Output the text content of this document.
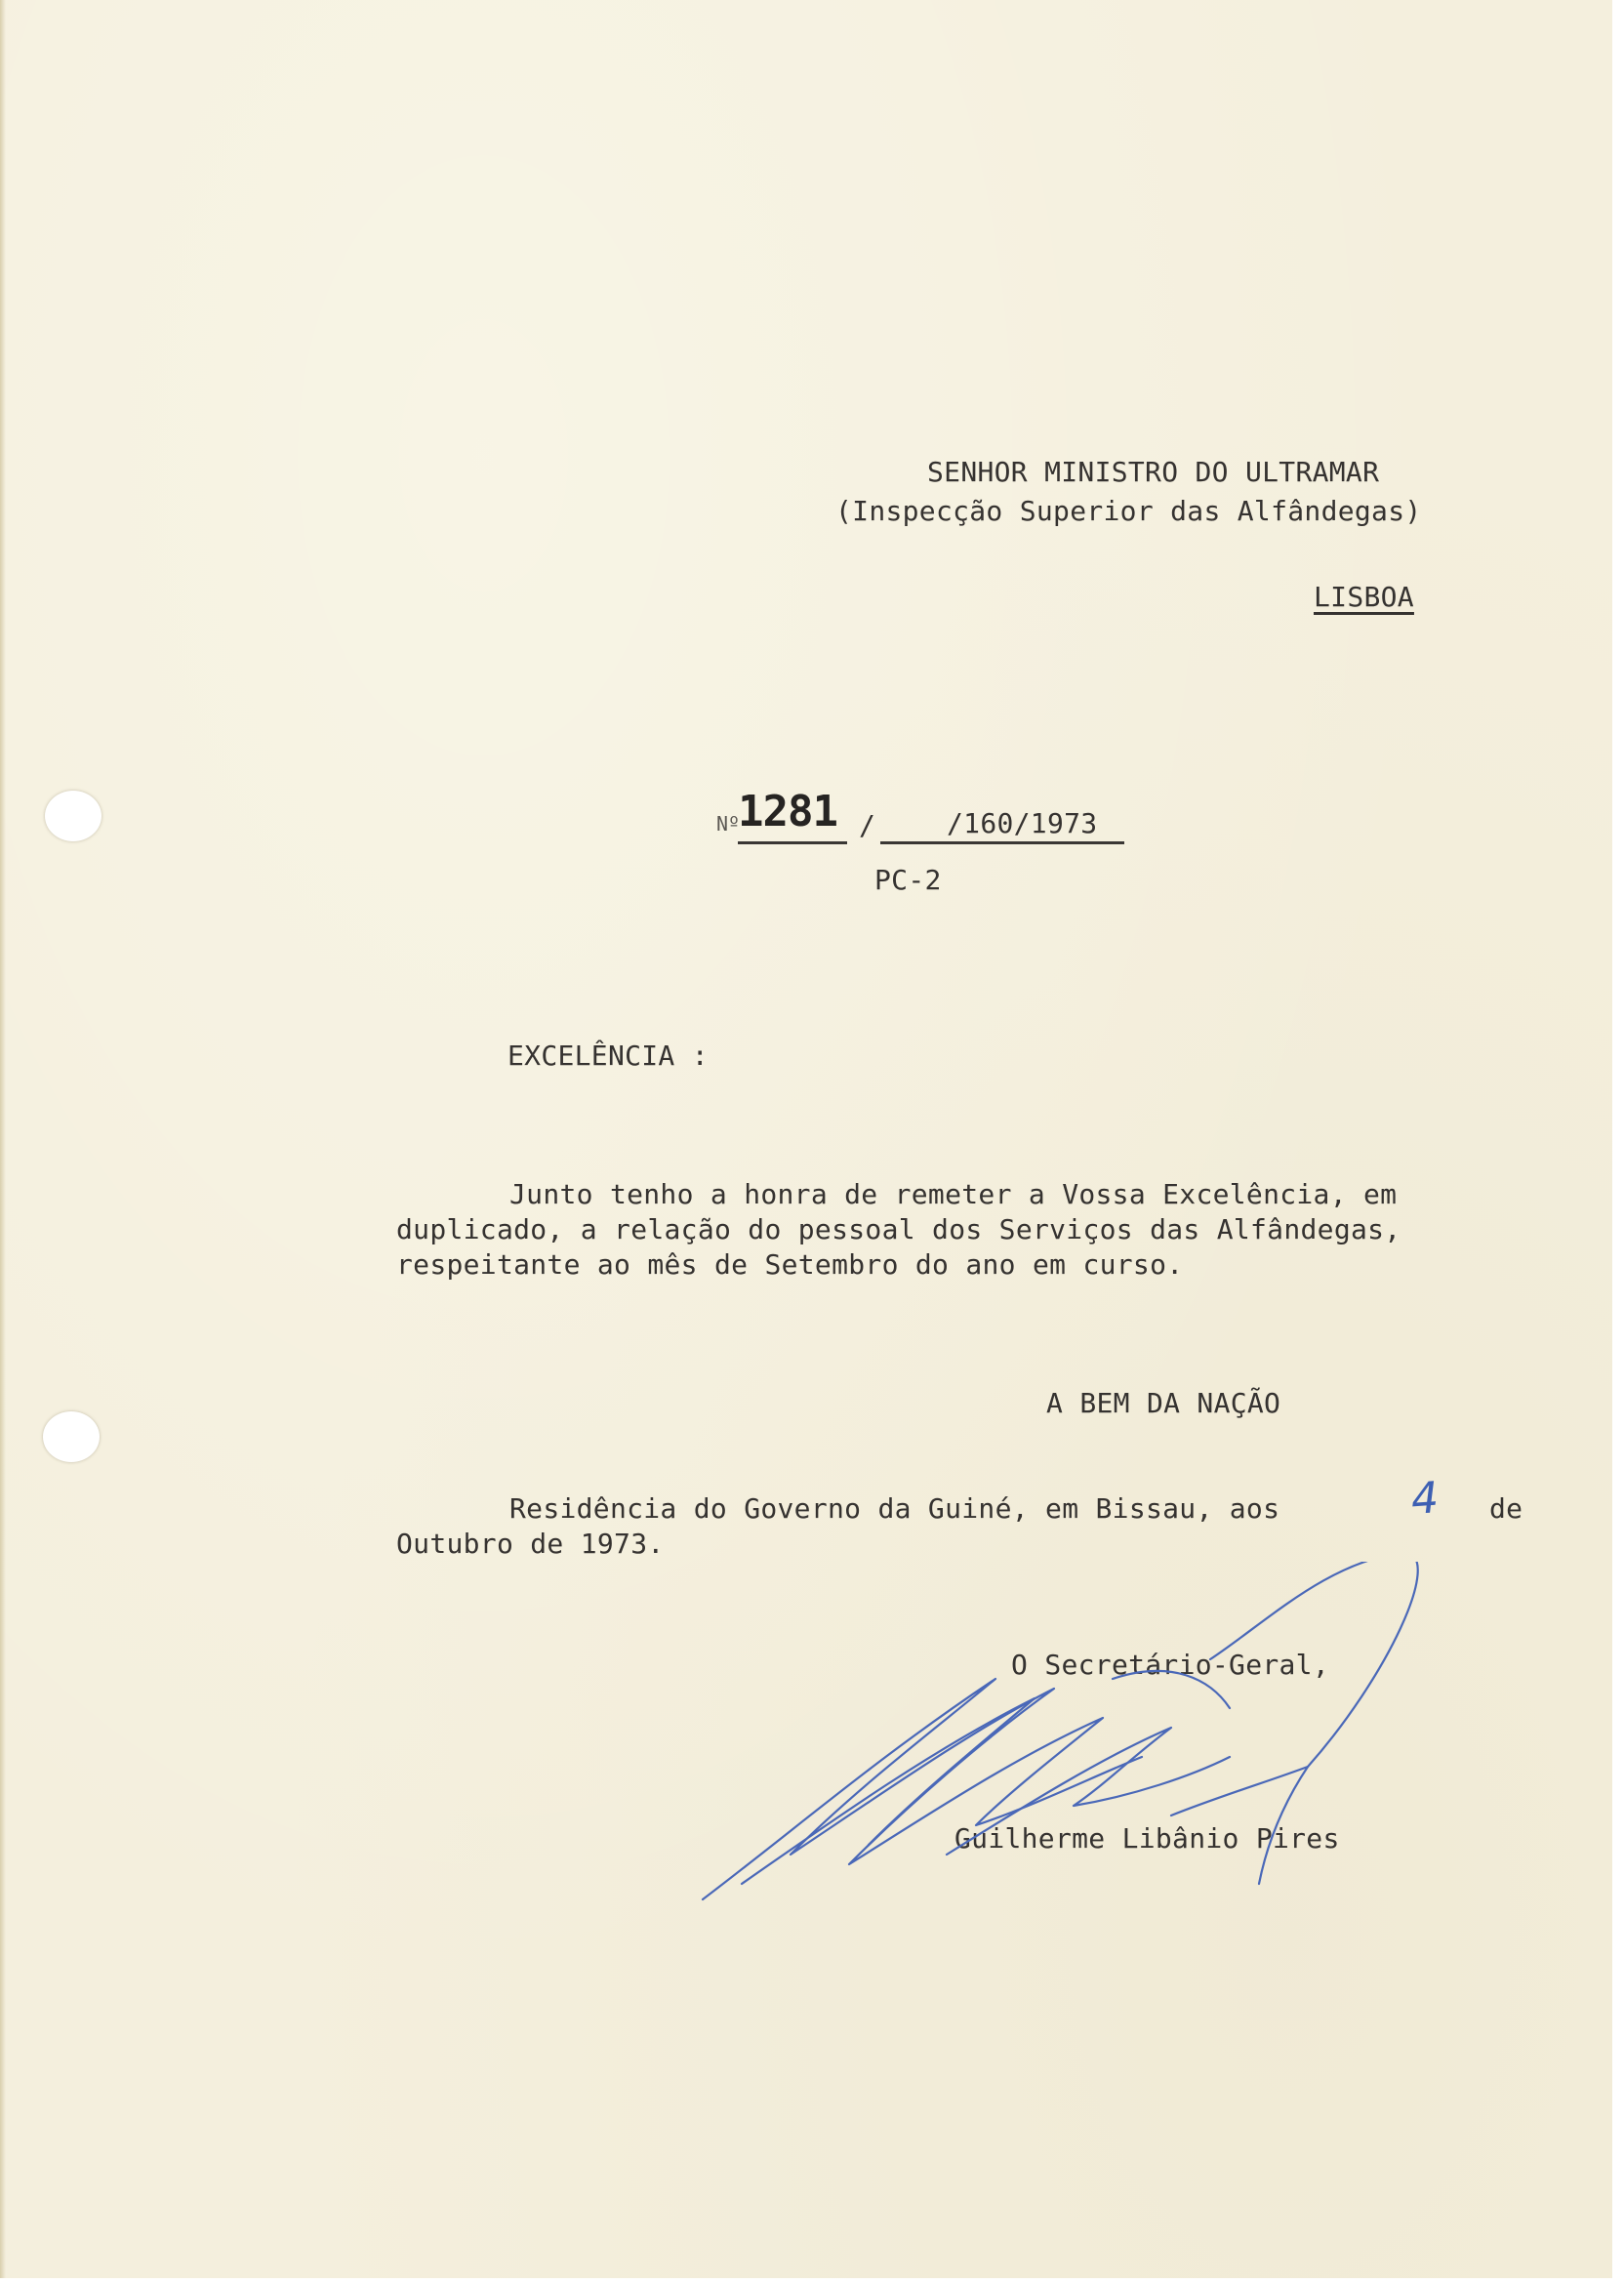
SENHOR MINISTRO DO ULTRAMAR
(Inspecção Superior das Alfândegas)
LISBOA
Nº
1281 /	/160/1973
PC-2
EXCELÊNCIA :
Junto tenho a honra de remeter a Vossa Excelência, em
duplicado, a relação do pessoal dos Serviços das Alfândegas,
respeitante ao mês de Setembro do ano em curso.
A BEM DA NAÇÃO
Residência do Governo da Guiné, em Bissau, aos	4 de
Outubro de 1973.
O Secretário-Geral,
Guilherme Libânio Pires
